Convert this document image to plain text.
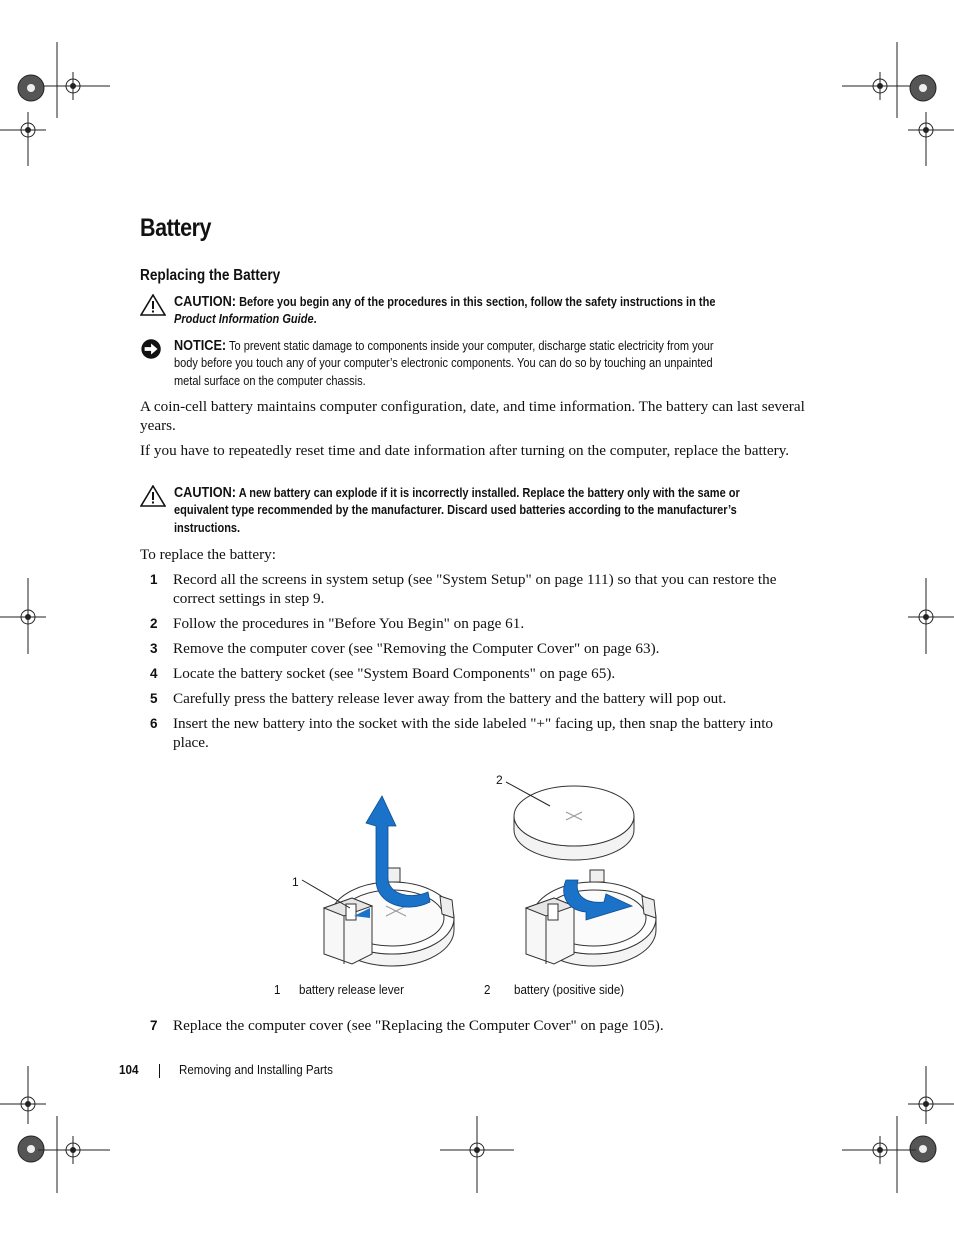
Battery
Replacing the Battery
CAUTION: Before you begin any of the procedures in this section, follow the safety instructions in the
Product Information Guide.
NOTICE: To prevent static damage to components inside your computer, discharge static electricity from your
body before you touch any of your computer’s electronic components. You can do so by touching an unpainted
metal surface on the computer chassis.
A coin-cell battery maintains computer configuration, date, and time information. The battery can last several years.
If you have to repeatedly reset time and date information after turning on the computer, replace the battery.
CAUTION: A new battery can explode if it is incorrectly installed. Replace the battery only with the same or
equivalent type recommended by the manufacturer. Discard used batteries according to the manufacturer’s
instructions.
To replace the battery:
1 Record all the screens in system setup (see "System Setup" on page 111) so that you can restore the correct settings in step 9.
2 Follow the procedures in "Before You Begin" on page 61.
3 Remove the computer cover (see "Removing the Computer Cover" on page 63).
4 Locate the battery socket (see "System Board Components" on page 65).
5 Carefully press the battery release lever away from the battery and the battery will pop out.
6 Insert the new battery into the socket with the side labeled "+" facing up, then snap the battery into place.
1
2
1 battery release lever	2 battery (positive side)
7 Replace the computer cover (see "Replacing the Computer Cover" on page 105).
104	Removing and Installing Parts
